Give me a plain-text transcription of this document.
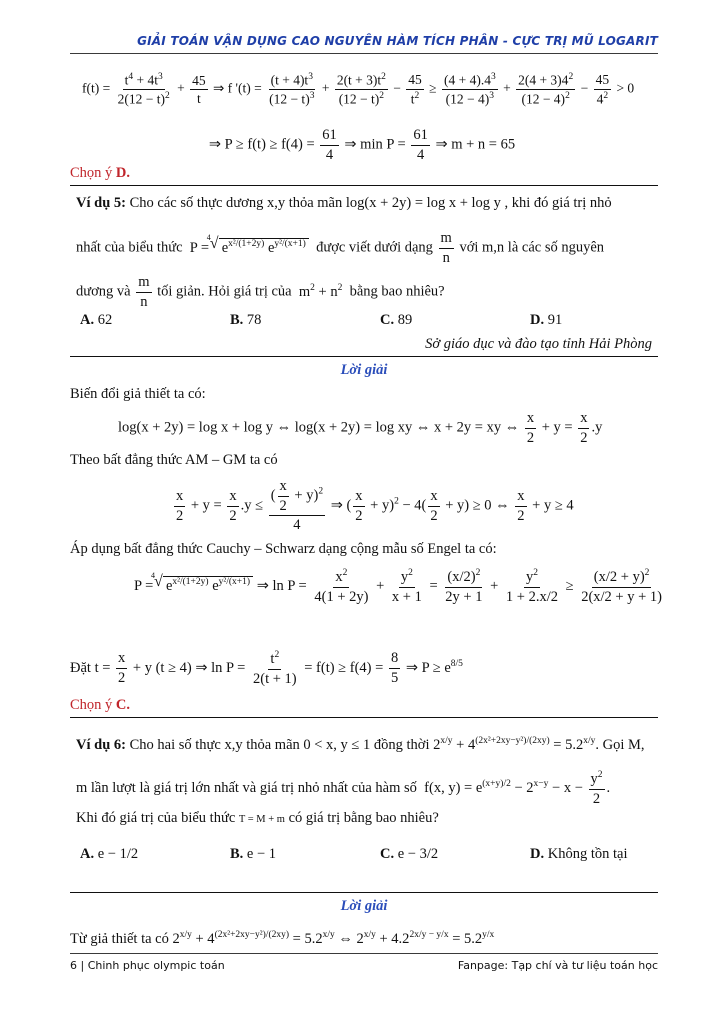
GIẢI TOÁN VẬN DỤNG CAO NGUYÊN HÀM TÍCH PHÂN - CỰC TRỊ MŨ LOGARIT
$f(t) = \frac{t^4 + 4t^3}{2(12 - t)^2} + \frac{45}{t}$ ⇒ f '$(t) = \frac{(t + 4)t^3}{(12 - t)^3} + \frac{2(t + 3)t^2}{(12 - t)^2} - \frac{45}{t^2} \ge \frac{(4 + 4).4^3}{(12 - 4)^3} + \frac{2(4 + 3)4^2}{(12 - 4)^2} - \frac{45}{4^2} > 0$
⇒ $P \ge f(t) \ge f(4) = \frac{61}{4}$ ⇒ $\min P = \frac{61}{4}$ ⇒ m + n = 65
Chọn ý D.
Ví dụ 5: Cho các số thực dương x,y thỏa mãn log(x + 2y) = log x + log y , khi đó giá trị nhỏ
nhất của biểu thức  P =
√ 4
$e^{x^2/(1+2y)}$ $e^{y^2/(x+1)}$ được viết dưới dạng $\frac{m}{n}$ với m,n là các số nguyên
dương và $\frac{m}{n}$ tối giản. Hỏi giá trị của  $m^2 + n^2$ bằng bao nhiêu?
A. 62	B. 78	C. 89	D. 91
Sở giáo dục và đào tạo tỉnh Hải Phòng
Lời giải
Biến đổi giả thiết ta có:
log(x + 2y) = log x + log y ⇔ log(x + 2y) = log xy ⇔ x + 2y = xy ⇔ $\frac{x}{2} + y = \frac{x}{2} .y$
Theo bất đẳng thức AM – GM ta có
$\frac{x}{2} + y = \frac{x}{2} .y \le \frac{( \frac{x}{2} + y)^2}{4}$ ⇒ ( $\frac{x}{2} + y)^2 - 4( \frac{x}{2} + y) \ge 0$ ⇔ $\frac{x}{2} + y \ge 4$
Áp dụng bất đẳng thức Cauchy – Schwarz dạng cộng mẫu số Engel ta có:
P =
√ 4
$e^{x^2/(1+2y)}$ $e^{y^2/(x+1)}$ ⇒ $\ln P = \frac{x^2}{4(1 + 2y)} + \frac{y^2}{x + 1} = \frac{(x/2)^2}{2y + 1} + \frac{y^2}{1 + 2.x/2} \ge \frac{(x/2 + y)^2}{2(x/2 + y + 1)}$
Đặt $t = \frac{x}{2} + y$ (t ≥ 4) ⇒ $\ln P = \frac{t^2}{2(t + 1)} = f(t) \ge f(4) = \frac{8}{5}$ ⇒ $P \ge e^{8/5}$
Chọn ý C.
Ví dụ 6: Cho hai số thực x,y thỏa mãn 0 < x, y ≤ 1 đồng thời $2^{x/y} + 4^{(2x^2+2xy-y^2)/(2xy)} = 5.2^{x/y}$. Gọi M,
m lần lượt là giá trị lớn nhất và giá trị nhỏ nhất của hàm số  f(x, $y) = e^{(x+y)/2} - 2^{x-y} - x - \frac{y^2}{2}$ .
Khi đó giá trị của biểu thức T = M + m có giá trị bằng bao nhiêu?
A. e − 1/2	B. e − 1	C. e − 3/2	D. Không tồn tại
Lời giải
Từ giả thiết ta có $2^{x/y} + 4^{(2x^2+2xy-y^2)/(2xy)} = 5.2^{x/y}$ ⇔ $2^{x/y} + 4.2^{2x/y - y/x} = 5.2^{y/x}$
6 | Chinh phục olympic toán	Fanpage: Tạp chí và tư liệu toán học
